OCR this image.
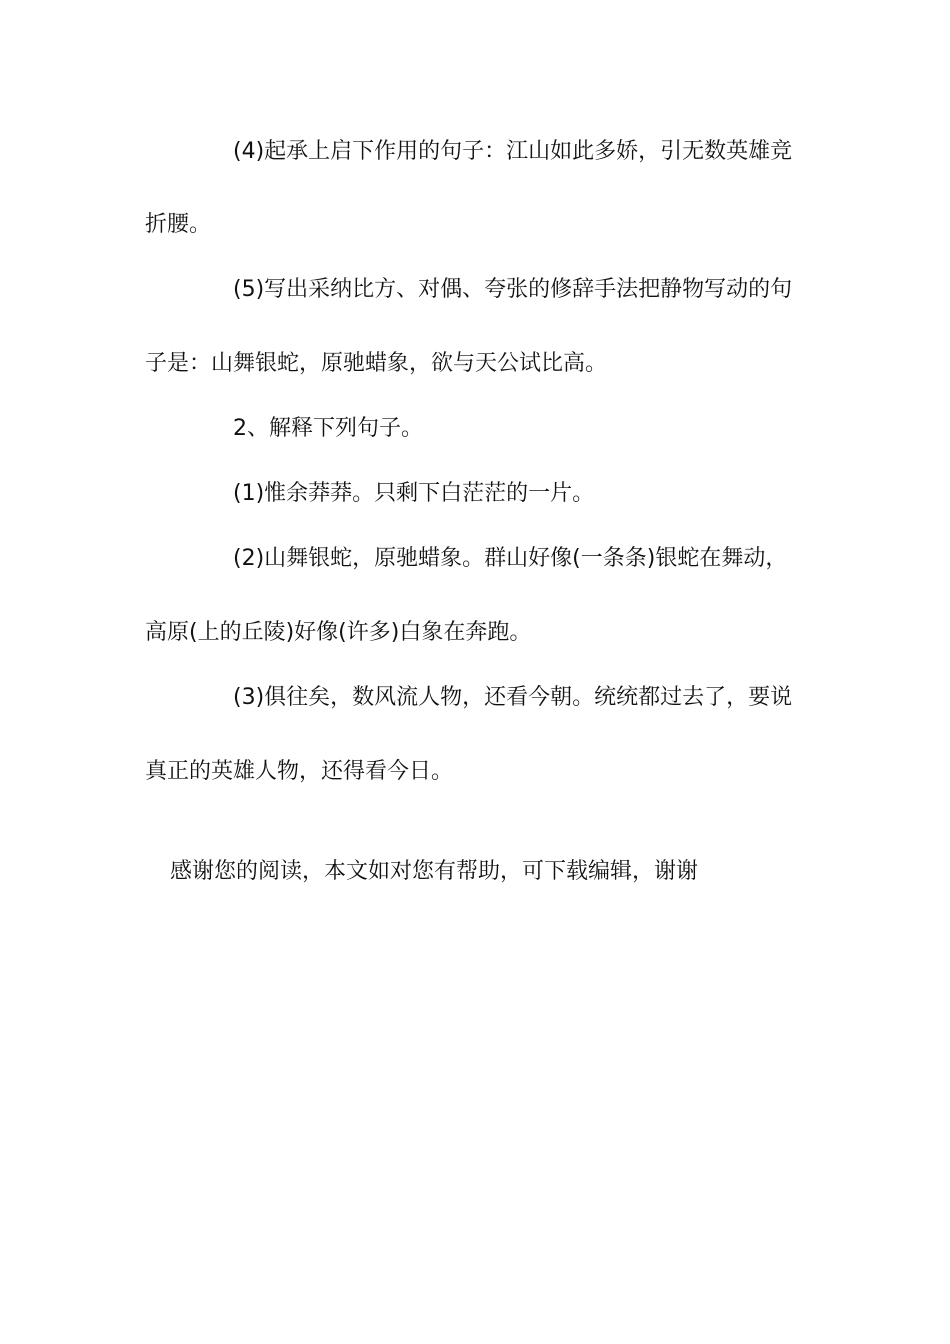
(4)起承上启下作用的句子：江山如此多娇，引无数英雄竞
折腰。
(5)写出采纳比方、对偶、夸张的修辞手法把静物写动的句
子是：山舞银蛇，原驰蜡象，欲与天公试比高。
2、解释下列句子。
(1)惟余莽莽。只剩下白茫茫的一片。
(2)山舞银蛇，原驰蜡象。群山好像(一条条)银蛇在舞动，
高原(上的丘陵)好像(许多)白象在奔跑。
(3)俱往矣，数风流人物，还看今朝。统统都过去了，要说
真正的英雄人物，还得看今日。
感谢您的阅读，本文如对您有帮助，可下载编辑，谢谢
